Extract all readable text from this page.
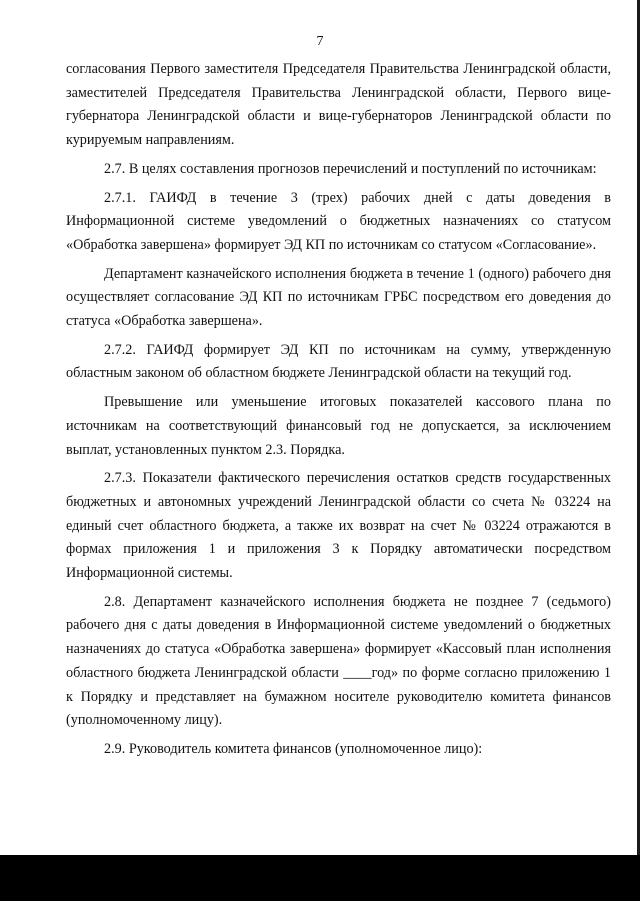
7

согласования Первого заместителя Председателя Правительства Ленинградской области, заместителей Председателя Правительства Ленинградской области, Первого вице-губернатора Ленинградской области и вице-губернаторов Ленинградской области по курируемым направлениям.

2.7. В целях составления прогнозов перечислений и поступлений по источникам:

2.7.1. ГАИФД в течение 3 (трех) рабочих дней с даты доведения в Информационной системе уведомлений о бюджетных назначениях со статусом «Обработка завершена» формирует ЭД КП по источникам со статусом «Согласование».

Департамент казначейского исполнения бюджета в течение 1 (одного) рабочего дня осуществляет согласование ЭД КП по источникам ГРБС посредством его доведения до статуса «Обработка завершена».

2.7.2. ГАИФД формирует ЭД КП по источникам на сумму, утвержденную областным законом об областном бюджете Ленинградской области на текущий год.

Превышение или уменьшение итоговых показателей кассового плана по источникам на соответствующий финансовый год не допускается, за исключением выплат, установленных пунктом 2.3. Порядка.

2.7.3. Показатели фактического перечисления остатков средств государственных бюджетных и автономных учреждений Ленинградской области со счета № 03224 на единый счет областного бюджета, а также их возврат на счет № 03224 отражаются в формах приложения 1 и приложения 3 к Порядку автоматически посредством Информационной системы.

2.8. Департамент казначейского исполнения бюджета не позднее 7 (седьмого) рабочего дня с даты доведения в Информационной системе уведомлений о бюджетных назначениях до статуса «Обработка завершена» формирует «Кассовый план исполнения областного бюджета Ленинградской области ____год» по форме согласно приложению 1 к Порядку и представляет на бумажном носителе руководителю комитета финансов (уполномоченному лицу).

2.9. Руководитель комитета финансов (уполномоченное лицо):
